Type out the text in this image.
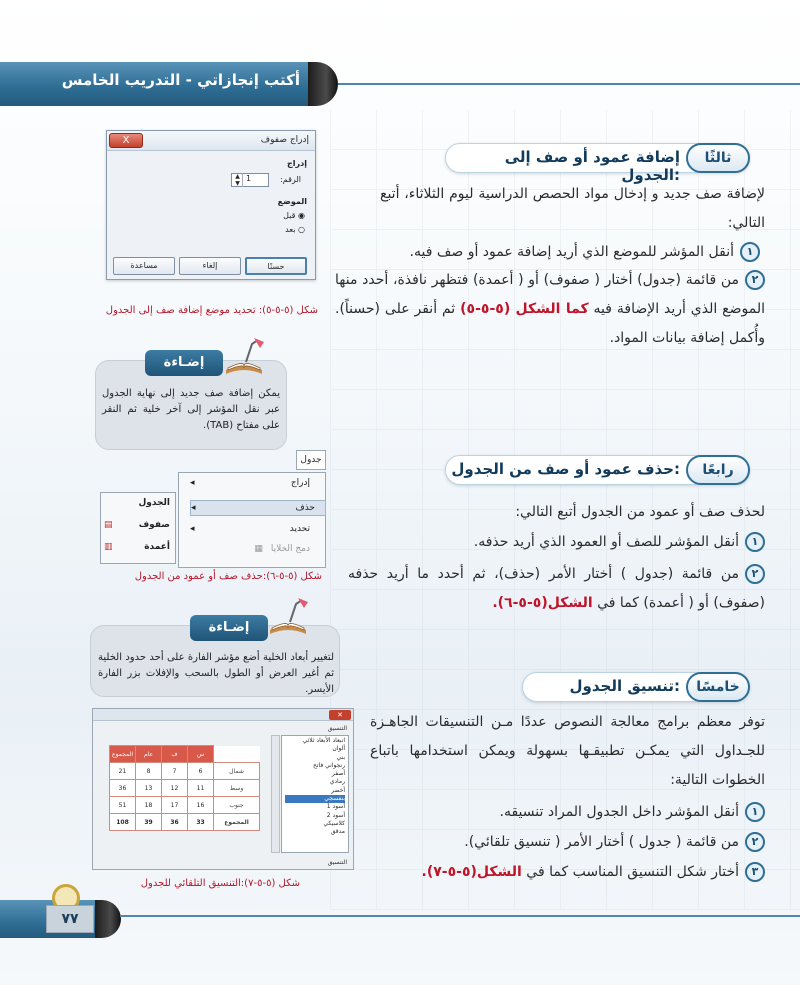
أكتب إنجازاتي - التدريب الخامس
إضافة عمود أو صف إلى الجدول:
ثالثًا
لإضافة صف جديد و إدخال مواد الحصص الدراسية ليوم الثلاثاء، أتبع التالي:
١أنقل المؤشر للموضع الذي أريد إضافة عمود أو صف فيه.
٢من قائمة (جدول) أختار ( صفوف) أو ( أعمدة) فتظهر نافذة، أحدد منها الموضع الذي أريد الإضافة فيه كما الشكل (٥-٥-٥) ثم أنقر على (حسناً). وأُكمل إضافة بيانات المواد.
إدراج صفوف
X
إدراج
الرقم:
1
▲
▼
الموضع
◉ قبل
○ بعد
حسنًا
إلغاء
مساعدة
شكل (٥-٥-٥): تحديد موضع إضافة صف إلى الجدول
إضـاءة
يمكن إضافة صف جديد إلى نهاية الجدول عبر نقل المؤشر إلى آخر خلية ثم النقر على مفتاح (TAB).
حذف عمود أو صف من الجدول:	رابعًا
لحذف صف أو عمود من الجدول أتبع التالي:
١أنقل المؤشر للصف أو العمود الذي أريد حذفه.
٢من قائمة (جدول ) أختار الأمر (حذف)، ثم أحدد ما أريد حذفه (صفوف) أو ( أعمدة) كما في الشكل(٥-٥-٦).
جدول
◂	إدراج
◂	حذف
◂	تحديد
دمج الخلايا▦
الجدول
▤	صفوف
▥	أعمدة
شكل (٥-٥-٦):حذف صف أو عمود من الجدول
إضـاءة
لتغيير أبعاد الخلية أضع مؤشر الفارة على أحد حدود الخلية ثم أغير العرض أو الطول بالسحب والإفلات بزر الفارة الأيسر.	تنسيق الجدول:	خامسًا
توفر معظم برامج معالجة النصوص عددًا مـن التنسيقات الجاهـزة للجـداول التي يمكـن تطبيقـها بسهولة ويمكن استخدامها باتباع الخطوات التالية:
١أنقل المؤشر داخل الجدول المراد تنسيقه.
٢من قائمة ( جدول ) أختار الأمر ( تنسيق تلقائي).
٣أختار شكل التنسيق المناسب كما في الشكل(٥-٥-٧).
✕
التنسيق
انبعاد الأبعاد ثلاثي
ألوان
بني
رنجواني فاتح
أصفر
رمادي
أخضر
بنفسجي
أسود 1
أسود 2
كلاسيكي
مدقق
التنسيق
	س	ف	عام	المجموع
شمال	6	7	8	21
وسط	11	12	13	36
جنوب	16	17	18	51
المجموع	33	36	39	108
شكل (٥-٥-٧):التنسيق التلقائي للجدول
٧٧
